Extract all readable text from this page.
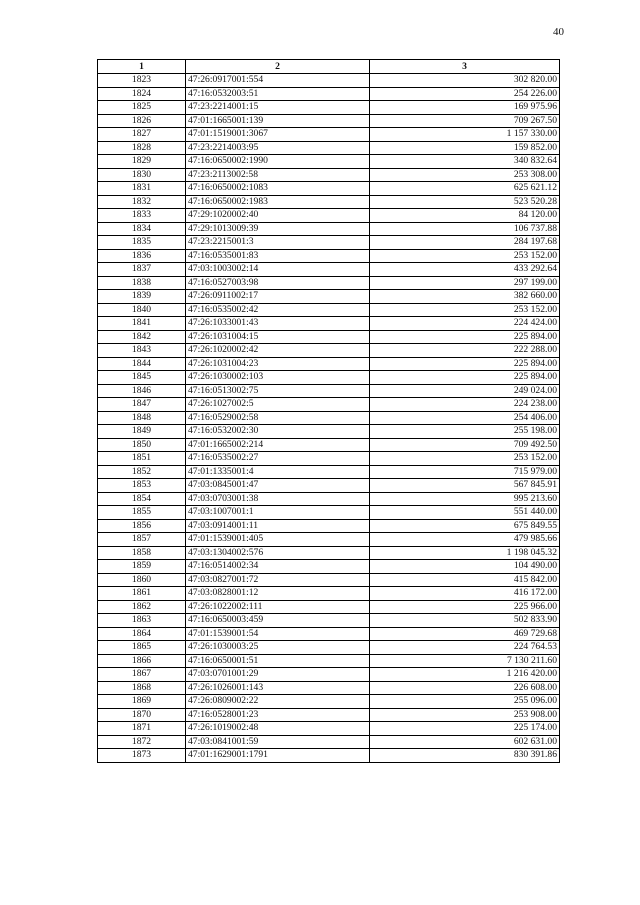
40
1	2	3
1823	47:26:0917001:554	302 820.00
1824	47:16:0532003:51	254 226.00
1825	47:23:2214001:15	169 975.96
1826	47:01:1665001:139	709 267.50
1827	47:01:1519001:3067	1 157 330.00
1828	47:23:2214003:95	159 852.00
1829	47:16:0650002:1990	340 832.64
1830	47:23:2113002:58	253 308.00
1831	47:16:0650002:1083	625 621.12
1832	47:16:0650002:1983	523 520.28
1833	47:29:1020002:40	84 120.00
1834	47:29:1013009:39	106 737.88
1835	47:23:2215001:3	284 197.68
1836	47:16:0535001:83	253 152.00
1837	47:03:1003002:14	433 292.64
1838	47:16:0527003:98	297 199.00
1839	47:26:0911002:17	382 660.00
1840	47:16:0535002:42	253 152.00
1841	47:26:1033001:43	224 424.00
1842	47:26:1031004:15	225 894.00
1843	47:26:1020002:42	222 288.00
1844	47:26:1031004:23	225 894.00
1845	47:26:1030002:103	225 894.00
1846	47:16:0513002:75	249 024.00
1847	47:26:1027002:5	224 238.00
1848	47:16:0529002:58	254 406.00
1849	47:16:0532002:30	255 198.00
1850	47:01:1665002:214	709 492.50
1851	47:16:0535002:27	253 152.00
1852	47:01:1335001:4	715 979.00
1853	47:03:0845001:47	567 845.91
1854	47:03:0703001:38	995 213.60
1855	47:03:1007001:1	551 440.00
1856	47:03:0914001:11	675 849.55
1857	47:01:1539001:405	479 985.66
1858	47:03:1304002:576	1 198 045.32
1859	47:16:0514002:34	104 490.00
1860	47:03:0827001:72	415 842.00
1861	47:03:0828001:12	416 172.00
1862	47:26:1022002:111	225 966.00
1863	47:16:0650003:459	502 833.90
1864	47:01:1539001:54	469 729.68
1865	47:26:1030003:25	224 764.53
1866	47:16:0650001:51	7 130 211.60
1867	47:03:0701001:29	1 216 420.00
1868	47:26:1026001:143	226 608.00
1869	47:26:0809002:22	255 096.00
1870	47:16:0528001:23	253 908.00
1871	47:26:1019002:48	225 174.00
1872	47:03:0841001:59	602 631.00
1873	47:01:1629001:1791	830 391.86
